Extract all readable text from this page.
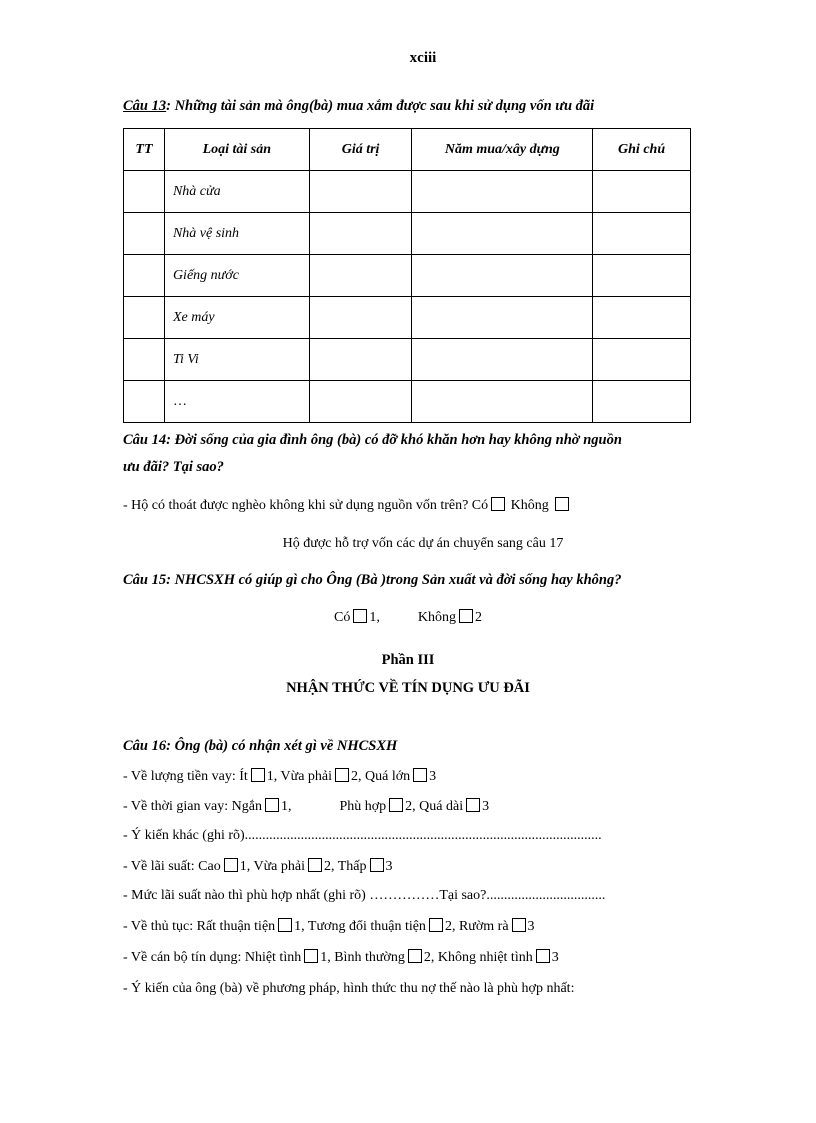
xciii
Câu 13: Những tài sản mà ông(bà) mua xắm được sau khi sử dụng vốn ưu đãi
TT	Loại tài sản	Giá trị	Năm mua/xây dựng	Ghi chú
	Nhà cửa			
	Nhà vệ sinh			
	Giếng nước			
	Xe máy			
	Ti Vi			
	…			
Câu 14: Đời sống của gia đình ông (bà) có đỡ khó khăn hơn hay không nhờ nguồn
ưu đãi? Tại sao?
- Hộ có thoát được nghèo không khi sử dụng nguồn vốn trên? Có Không
Hộ được hỗ trợ vốn các dự án chuyển sang câu 17
Câu 15: NHCSXH có giúp gì cho Ông (Bà )trong Sản xuất và đời sống hay không?
Có 1,	Không 2
Phần III
NHẬN THỨC VỀ TÍN DỤNG ƯU ĐÃI
Câu 16: Ông (bà) có nhận xét gì về NHCSXH
- Về lượng tiền vay: Ít 1, Vừa phải 2, Quá lớn 3
- Về thời gian vay: Ngắn 1,	Phù hợp 2, Quá dài 3
- Ý kiến khác (ghi rõ)......................................................................................................
- Về lãi suất: Cao 1, Vừa phải 2, Thấp 3
- Mức lãi suất nào thì phù hợp nhất (ghi rõ) ……………Tại sao?..................................
- Về thủ tục: Rất thuận tiện 1, Tương đổi thuận tiện 2, Rườm rà 3
- Về cán bộ tín dụng: Nhiệt tình 1, Bình thường 2, Không nhiệt tình 3
- Ý kiến của ông (bà) về phương pháp, hình thức thu nợ thế nào là phù hợp nhất:
